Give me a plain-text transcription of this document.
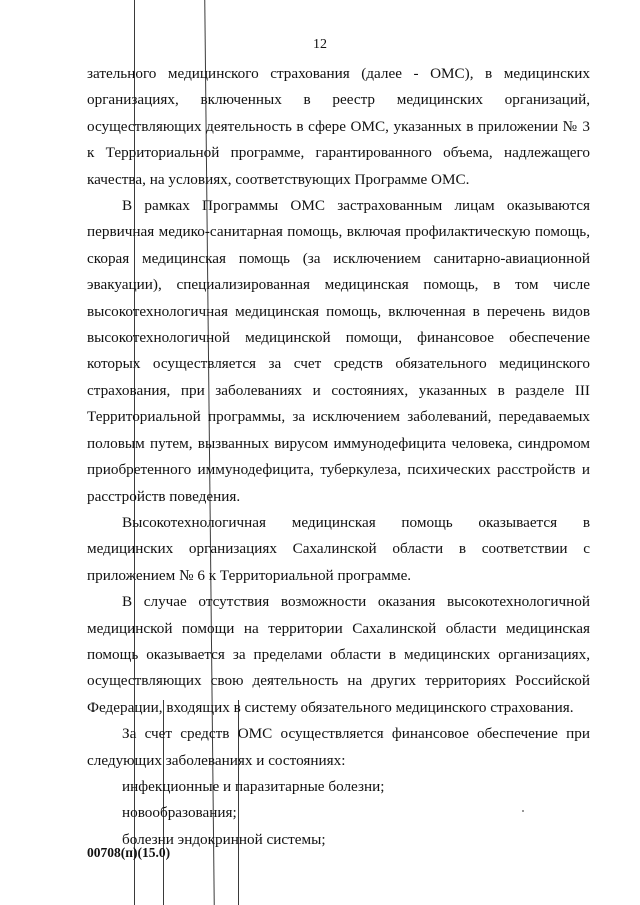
12

зательного медицинского страхования (далее - ОМС), в медицинских организациях, включенных в реестр медицинских организаций, осуществляющих деятельность в сфере ОМС, указанных в приложении № 3 к Территориальной программе, гарантированного объема, надлежащего качества, на условиях, соответствующих Программе ОМС.

В рамках Программы ОМС застрахованным лицам оказываются первичная медико-санитарная помощь, включая профилактическую помощь, скорая медицинская помощь (за исключением санитарно-авиационной эвакуации), специализированная медицинская помощь, в том числе высокотехнологичная медицинская помощь, включенная в перечень видов высокотехнологичной медицинской помощи, финансовое обеспечение которых осуществляется за счет средств обязательного медицинского страхования, при заболеваниях и состояниях, указанных в разделе III Территориальной программы, за исключением заболеваний, передаваемых половым путем, вызванных вирусом иммунодефицита человека, синдромом приобретенного иммунодефицита, туберкулеза, психических расстройств и расстройств поведения.

Высокотехнологичная медицинская помощь оказывается в медицинских организациях Сахалинской области в соответствии с приложением № 6 к Территориальной программе.

В случае отсутствия возможности оказания высокотехнологичной медицинской помощи на территории Сахалинской области медицинская помощь оказывается за пределами области в медицинских организациях, осуществляющих свою деятельность на других территориях Российской Федерации, входящих в систему обязательного медицинского страхования.

За счет средств ОМС осуществляется финансовое обеспечение при следующих заболеваниях и состояниях:

инфекционные и паразитарные болезни;

новообразования;

болезни эндокринной системы;

00708(п)(15.0)
